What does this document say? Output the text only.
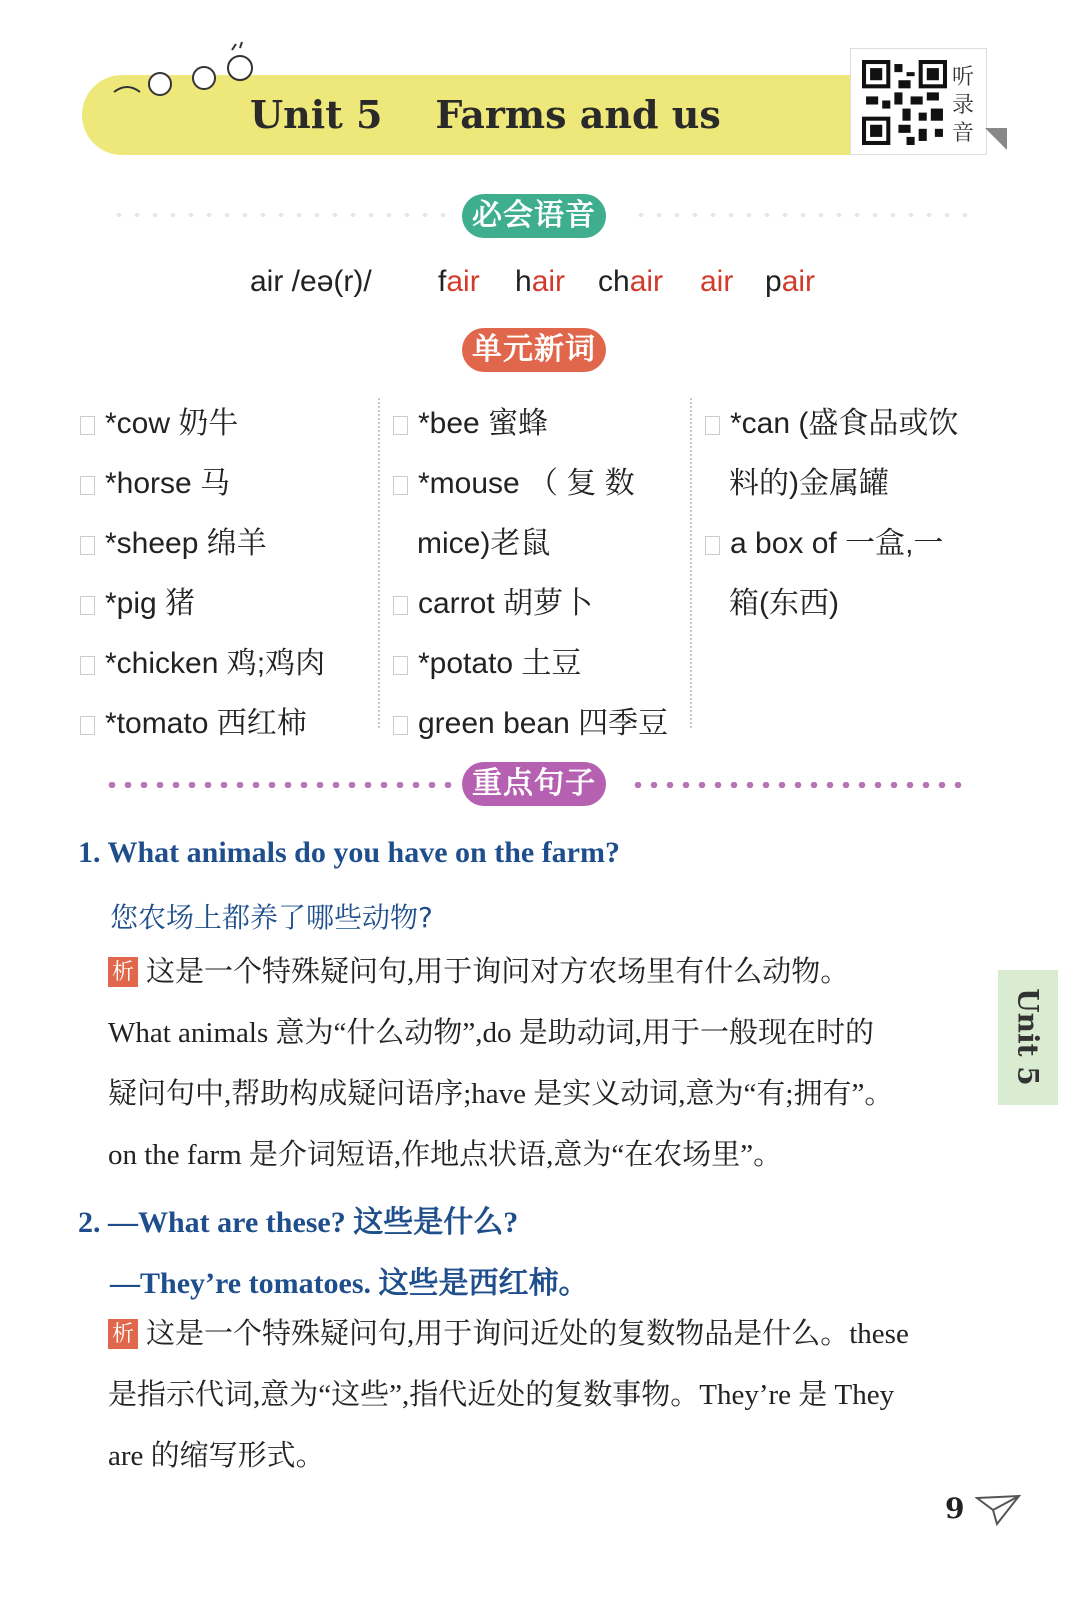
Unit 5    Farms and us
听录音
必会语音
air /eə(r)/ fair hair chair air pair
单元新词
*cow 奶牛
*horse 马
*sheep 绵羊
*pig 猪
*chicken 鸡;鸡肉
*tomato 西红柿
*bee 蜜蜂
*mouse （ 复 数
mice)老鼠
carrot 胡萝卜
*potato 土豆
green bean 四季豆
*can (盛食品或饮
料的)金属罐
a box of 一盒,一
箱(东西)
重点句子
1. What animals do you have on the farm?
您农场上都养了哪些动物?
析 这是一个特殊疑问句,用于询问对方农场里有什么动物。
What animals 意为“什么动物”,do 是助动词,用于一般现在时的
疑问句中,帮助构成疑问语序;have 是实义动词,意为“有;拥有”。
on the farm 是介词短语,作地点状语,意为“在农场里”。
2. —What are these? 这些是什么?
—They’re tomatoes. 这些是西红柿。
析 这是一个特殊疑问句,用于询问近处的复数物品是什么。these
是指示代词,意为“这些”,指代近处的复数事物。They’re 是 They
are 的缩写形式。
Unit 5
9
